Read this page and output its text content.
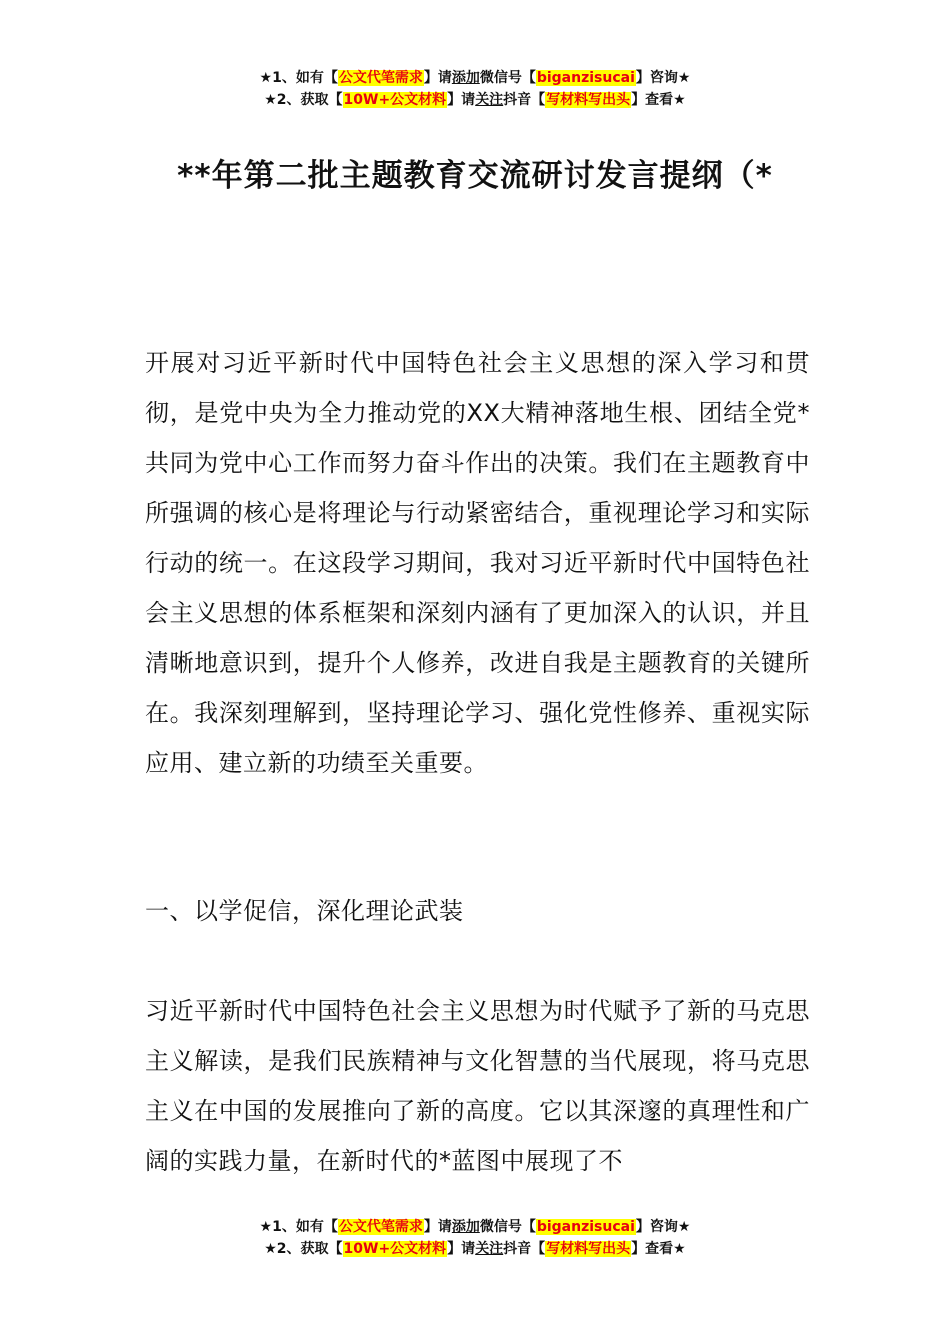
★1、如有【公文代笔需求】请添加微信号【biganzisucai】咨询★
★2、获取【10W+公文材料】请关注抖音【写材料写出头】查看★
**年第二批主题教育交流研讨发言提纲（*
开展对习近平新时代中国特色社会主义思想的深入学习和贯彻，是党中央为全力推动党的XX大精神落地生根、团结全党*共同为党中心工作而努力奋斗作出的决策。我们在主题教育中所强调的核心是将理论与行动紧密结合，重视理论学习和实际行动的统一。在这段学习期间，我对习近平新时代中国特色社会主义思想的体系框架和深刻内涵有了更加深入的认识，并且清晰地意识到，提升个人修养，改进自我是主题教育的关键所在。我深刻理解到，坚持理论学习、强化党性修养、重视实际应用、建立新的功绩至关重要。
一、以学促信，深化理论武装
习近平新时代中国特色社会主义思想为时代赋予了新的马克思主义解读，是我们民族精神与文化智慧的当代展现，将马克思主义在中国的发展推向了新的高度。它以其深邃的真理性和广阔的实践力量，在新时代的*蓝图中展现了不
★1、如有【公文代笔需求】请添加微信号【biganzisucai】咨询★
★2、获取【10W+公文材料】请关注抖音【写材料写出头】查看★
